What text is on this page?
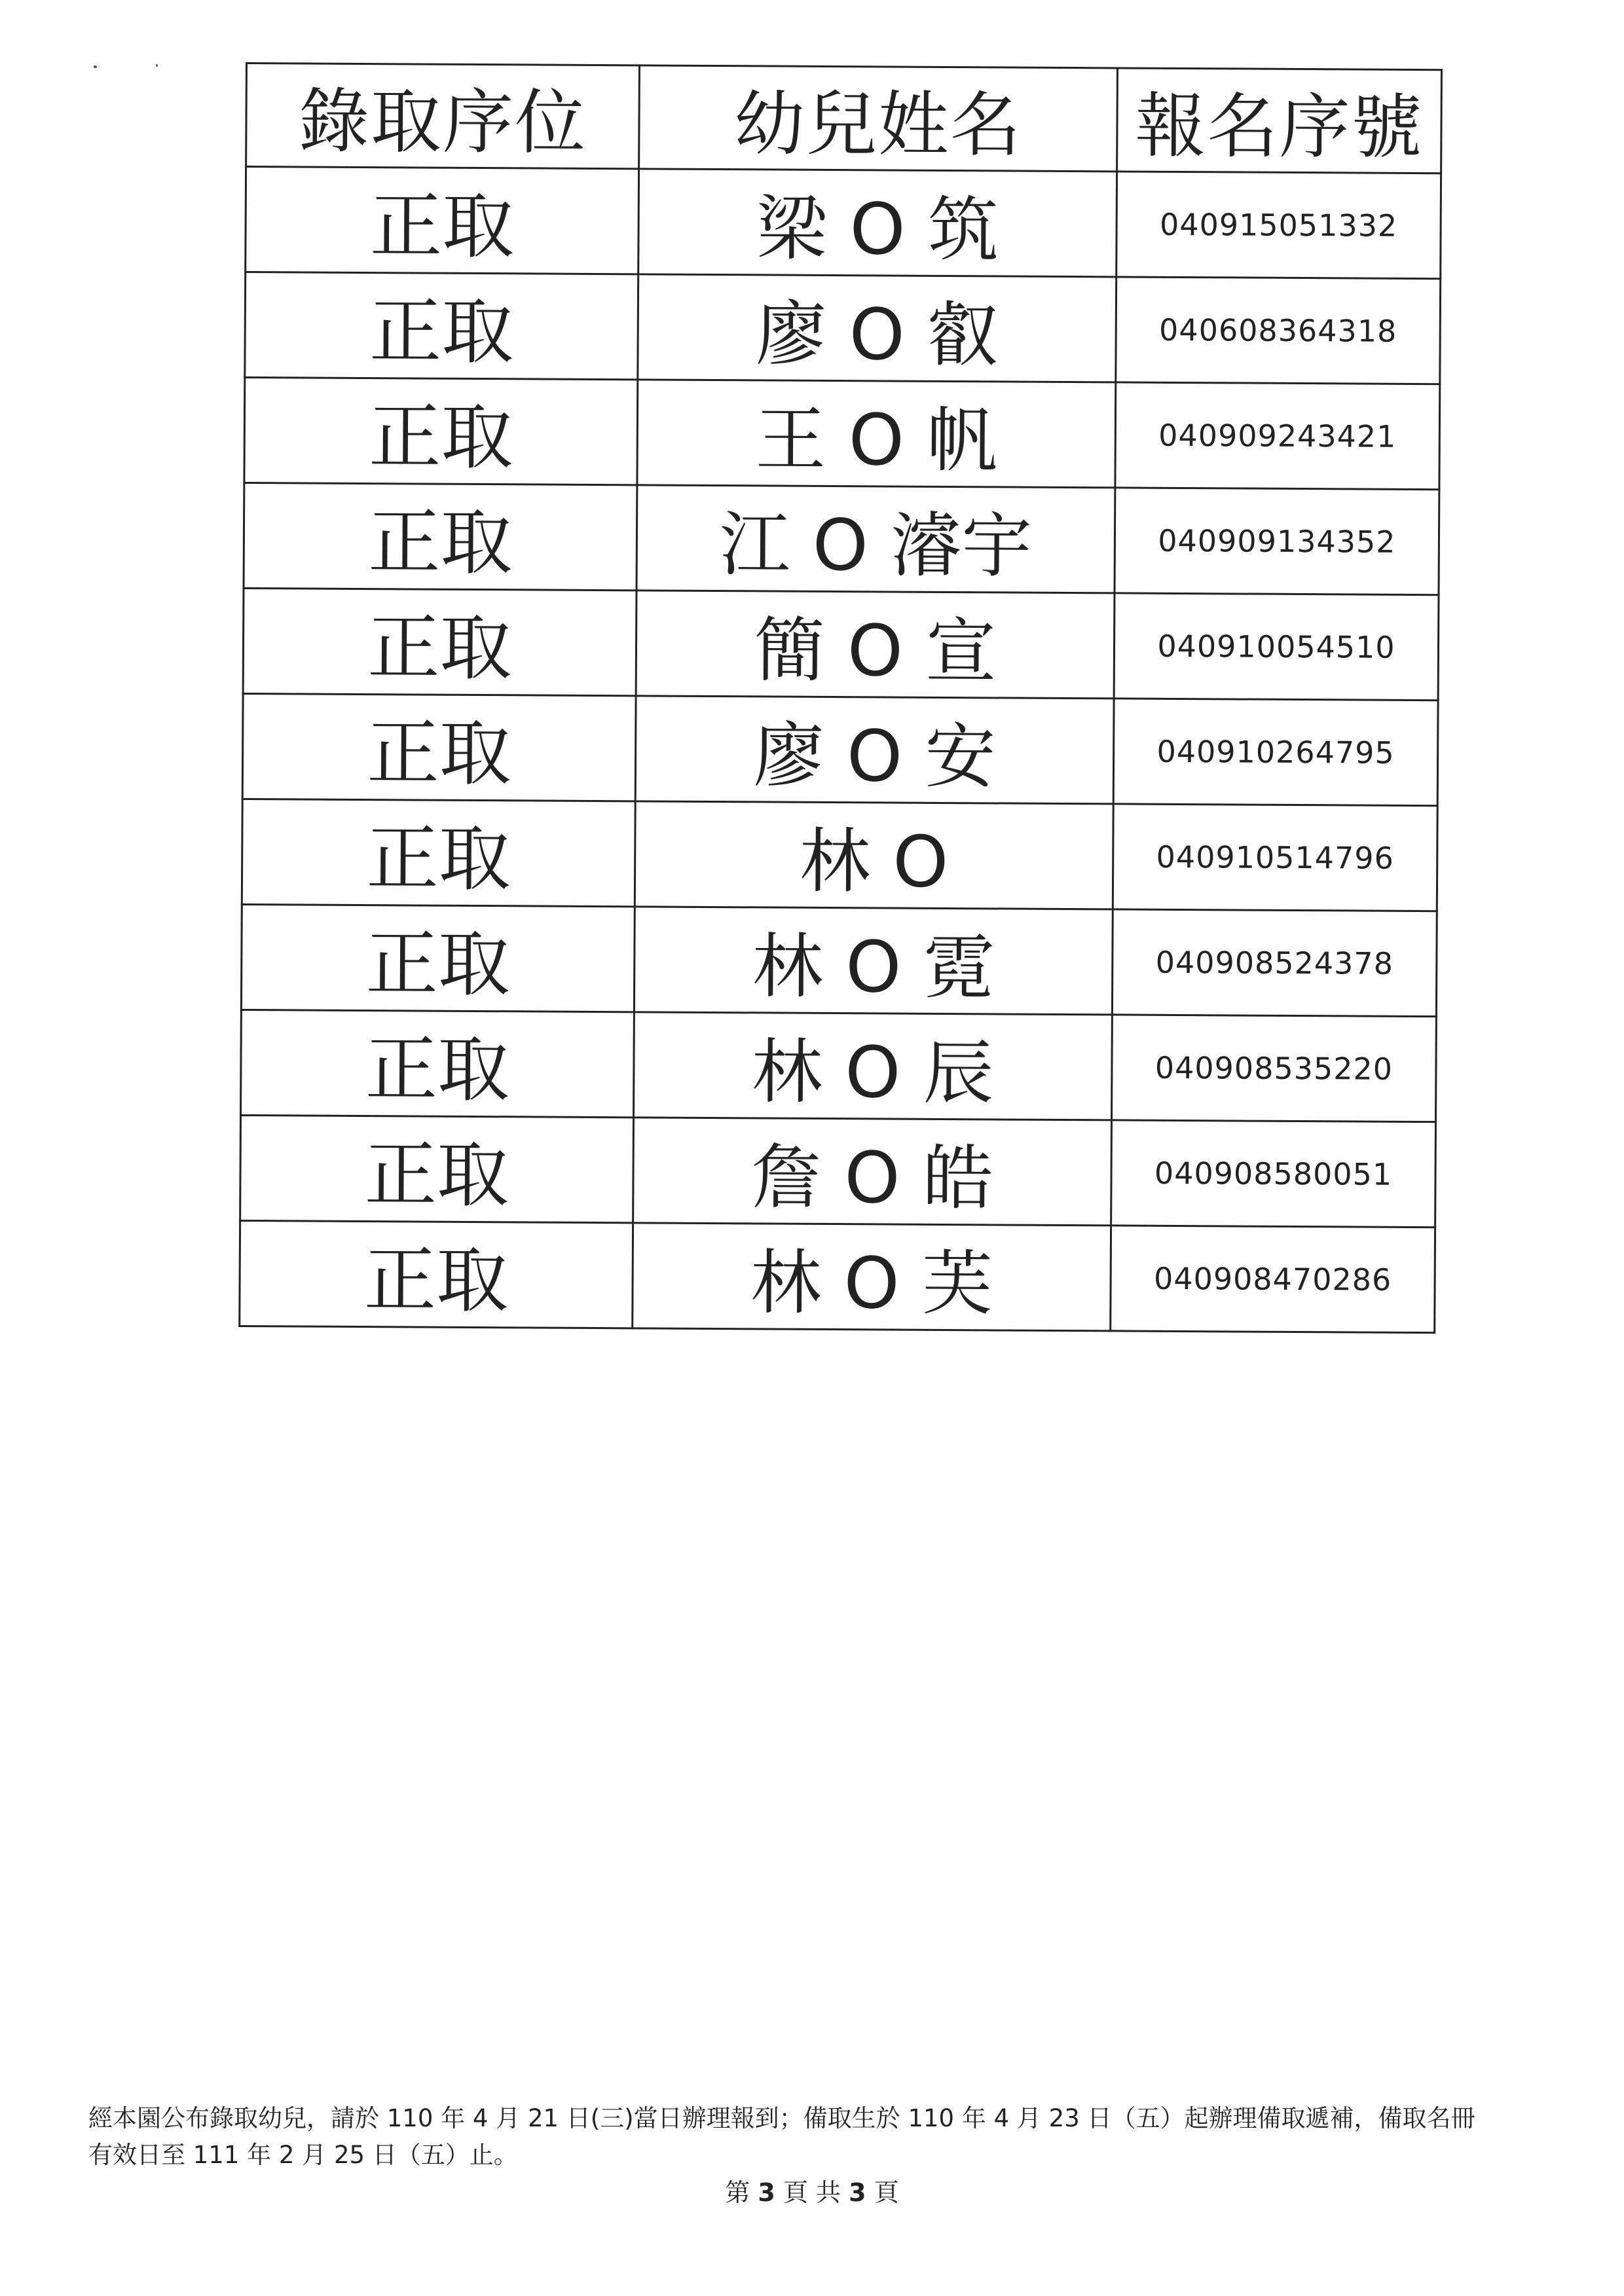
錄取序位	幼兒姓名	報名序號
正取	梁 O 筑	040915051332
正取	廖 O 叡	040608364318
正取	王 O 帆	040909243421
正取	江 O 濬宇	040909134352
正取	簡 O 宣	040910054510
正取	廖 O 安	040910264795
正取	林 O	040910514796
正取	林 O 霓	040908524378
正取	林 O 辰	040908535220
正取	詹 O 皓	040908580051
正取	林 O 芙	040908470286
經本園公布錄取幼兒，請於 110 年 4 月 21 日(三)當日辦理報到；備取生於 110 年 4 月 23 日（五）起辦理備取遞補，備取名冊
有效日至 111 年 2 月 25 日（五）止。
第 3 頁 共 3 頁
